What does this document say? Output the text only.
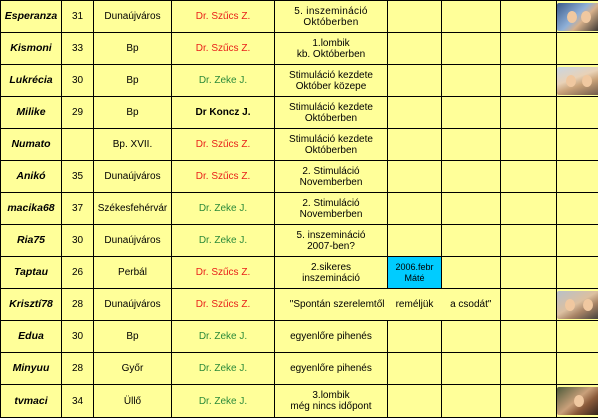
Esperanza	31	Dunaújváros	Dr. Szűcs Z.	5. inszemináció
Októberben				

Kismoni	33	Bp	Dr. Szűcs Z.	1.lombik
kb. Októberben				
Lukrécia	30	Bp	Dr. Zeke J.	Stimuláció kezdete
Október közepe				

Milike	29	Bp	Dr Koncz J.	Stimuláció kezdete
Októberben				
Numato		Bp. XVII.	Dr. Szűcs Z.	Stimuláció kezdete
Októberben				
Anikó	35	Dunaújváros	Dr. Szűcs Z.	2. Stimuláció
Novemberben				
macika68	37	Székesfehérvár	Dr. Zeke J.	2. Stimuláció
Novemberben				
Ria75	30	Dunaújváros	Dr. Zeke J.	5. inszemináció
2007-ben?				
Taptau	26	Perbál	Dr. Szűcs Z.	2.sikeres
inszemináció	2006.febr
Máté			
Krisztí78	28	Dunaújváros	Dr. Szűcs Z.	"Spontán szerelemtől	reméljük	a csodát"		

Edua	30	Bp	Dr. Zeke J.	egyenlőre pihenés				
Minyuu	28	Győr	Dr. Zeke J.	egyenlőre pihenés				
tvmaci	34	Üllő	Dr. Zeke J.	3.lombik
még nincs időpont				
